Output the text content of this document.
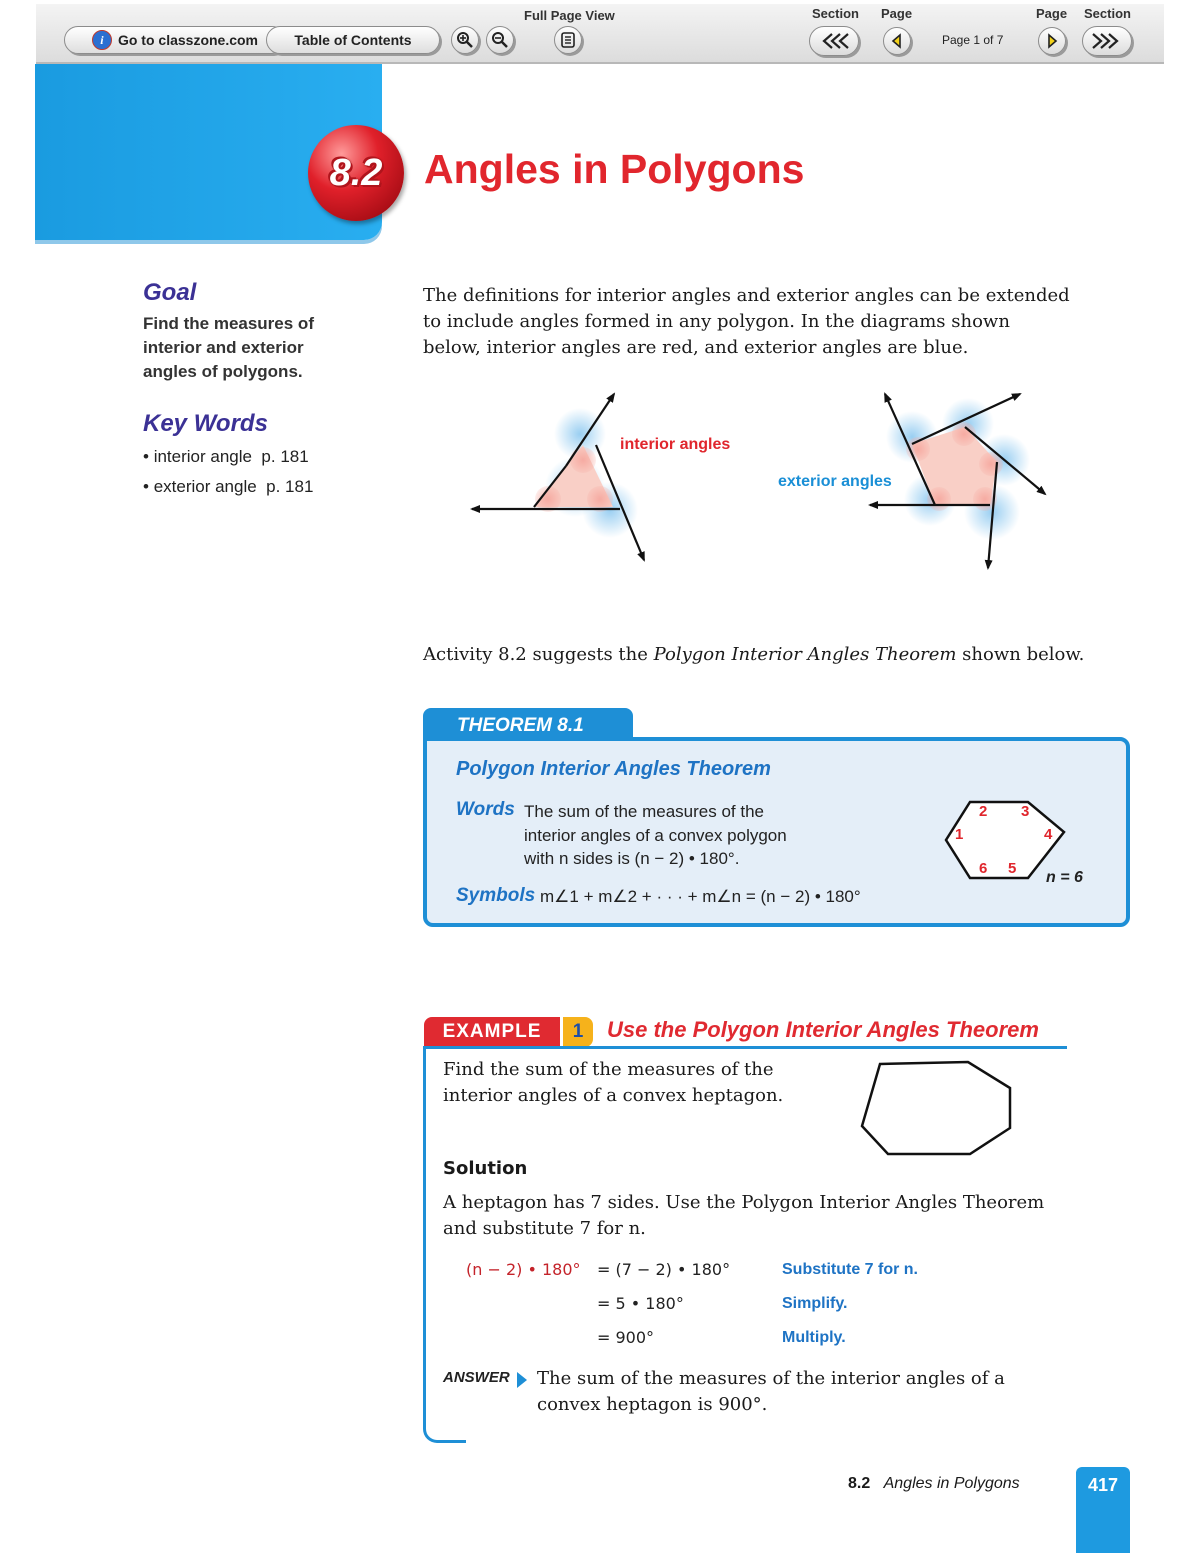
i	Go to classzone.com	Table of Contents
Full Page View	Section Page
Page 1 of 7
Page Section
8.2	Angles in Polygons
Goal
Find the measures of
interior and exterior
angles of polygons.
Key Words
• interior angle p. 181
• exterior angle p. 181
The definitions for interior angles and exterior angles can be extended
to include angles formed in any polygon. In the diagrams shown
below, interior angles are red, and exterior angles are blue.
interior angles
exterior angles
Activity 8.2 suggests the Polygon Interior Angles Theorem shown below.
THEOREM 8.1
Polygon Interior Angles Theorem
Words The sum of the measures of the
interior angles of a convex polygon
with n sides is (n − 2) • 180°.
Symbols m∠1 + m∠2 + · · · + m∠n = (n − 2) • 180°
1
2 3
4
5
6
n = 6
EXAMPLE	1	Use the Polygon Interior Angles Theorem
Find the sum of the measures of the
interior angles of a convex heptagon.
Solution
A heptagon has 7 sides. Use the Polygon Interior Angles Theorem
and substitute 7 for n.
(n − 2) • 180° = (7 − 2) • 180°	Substitute 7 for n.
= 5 • 180°	Simplify.
= 900°	Multiply.
ANSWER The sum of the measures of the interior angles of a
convex heptagon is 900°.
8.2 Angles in Polygons	417
